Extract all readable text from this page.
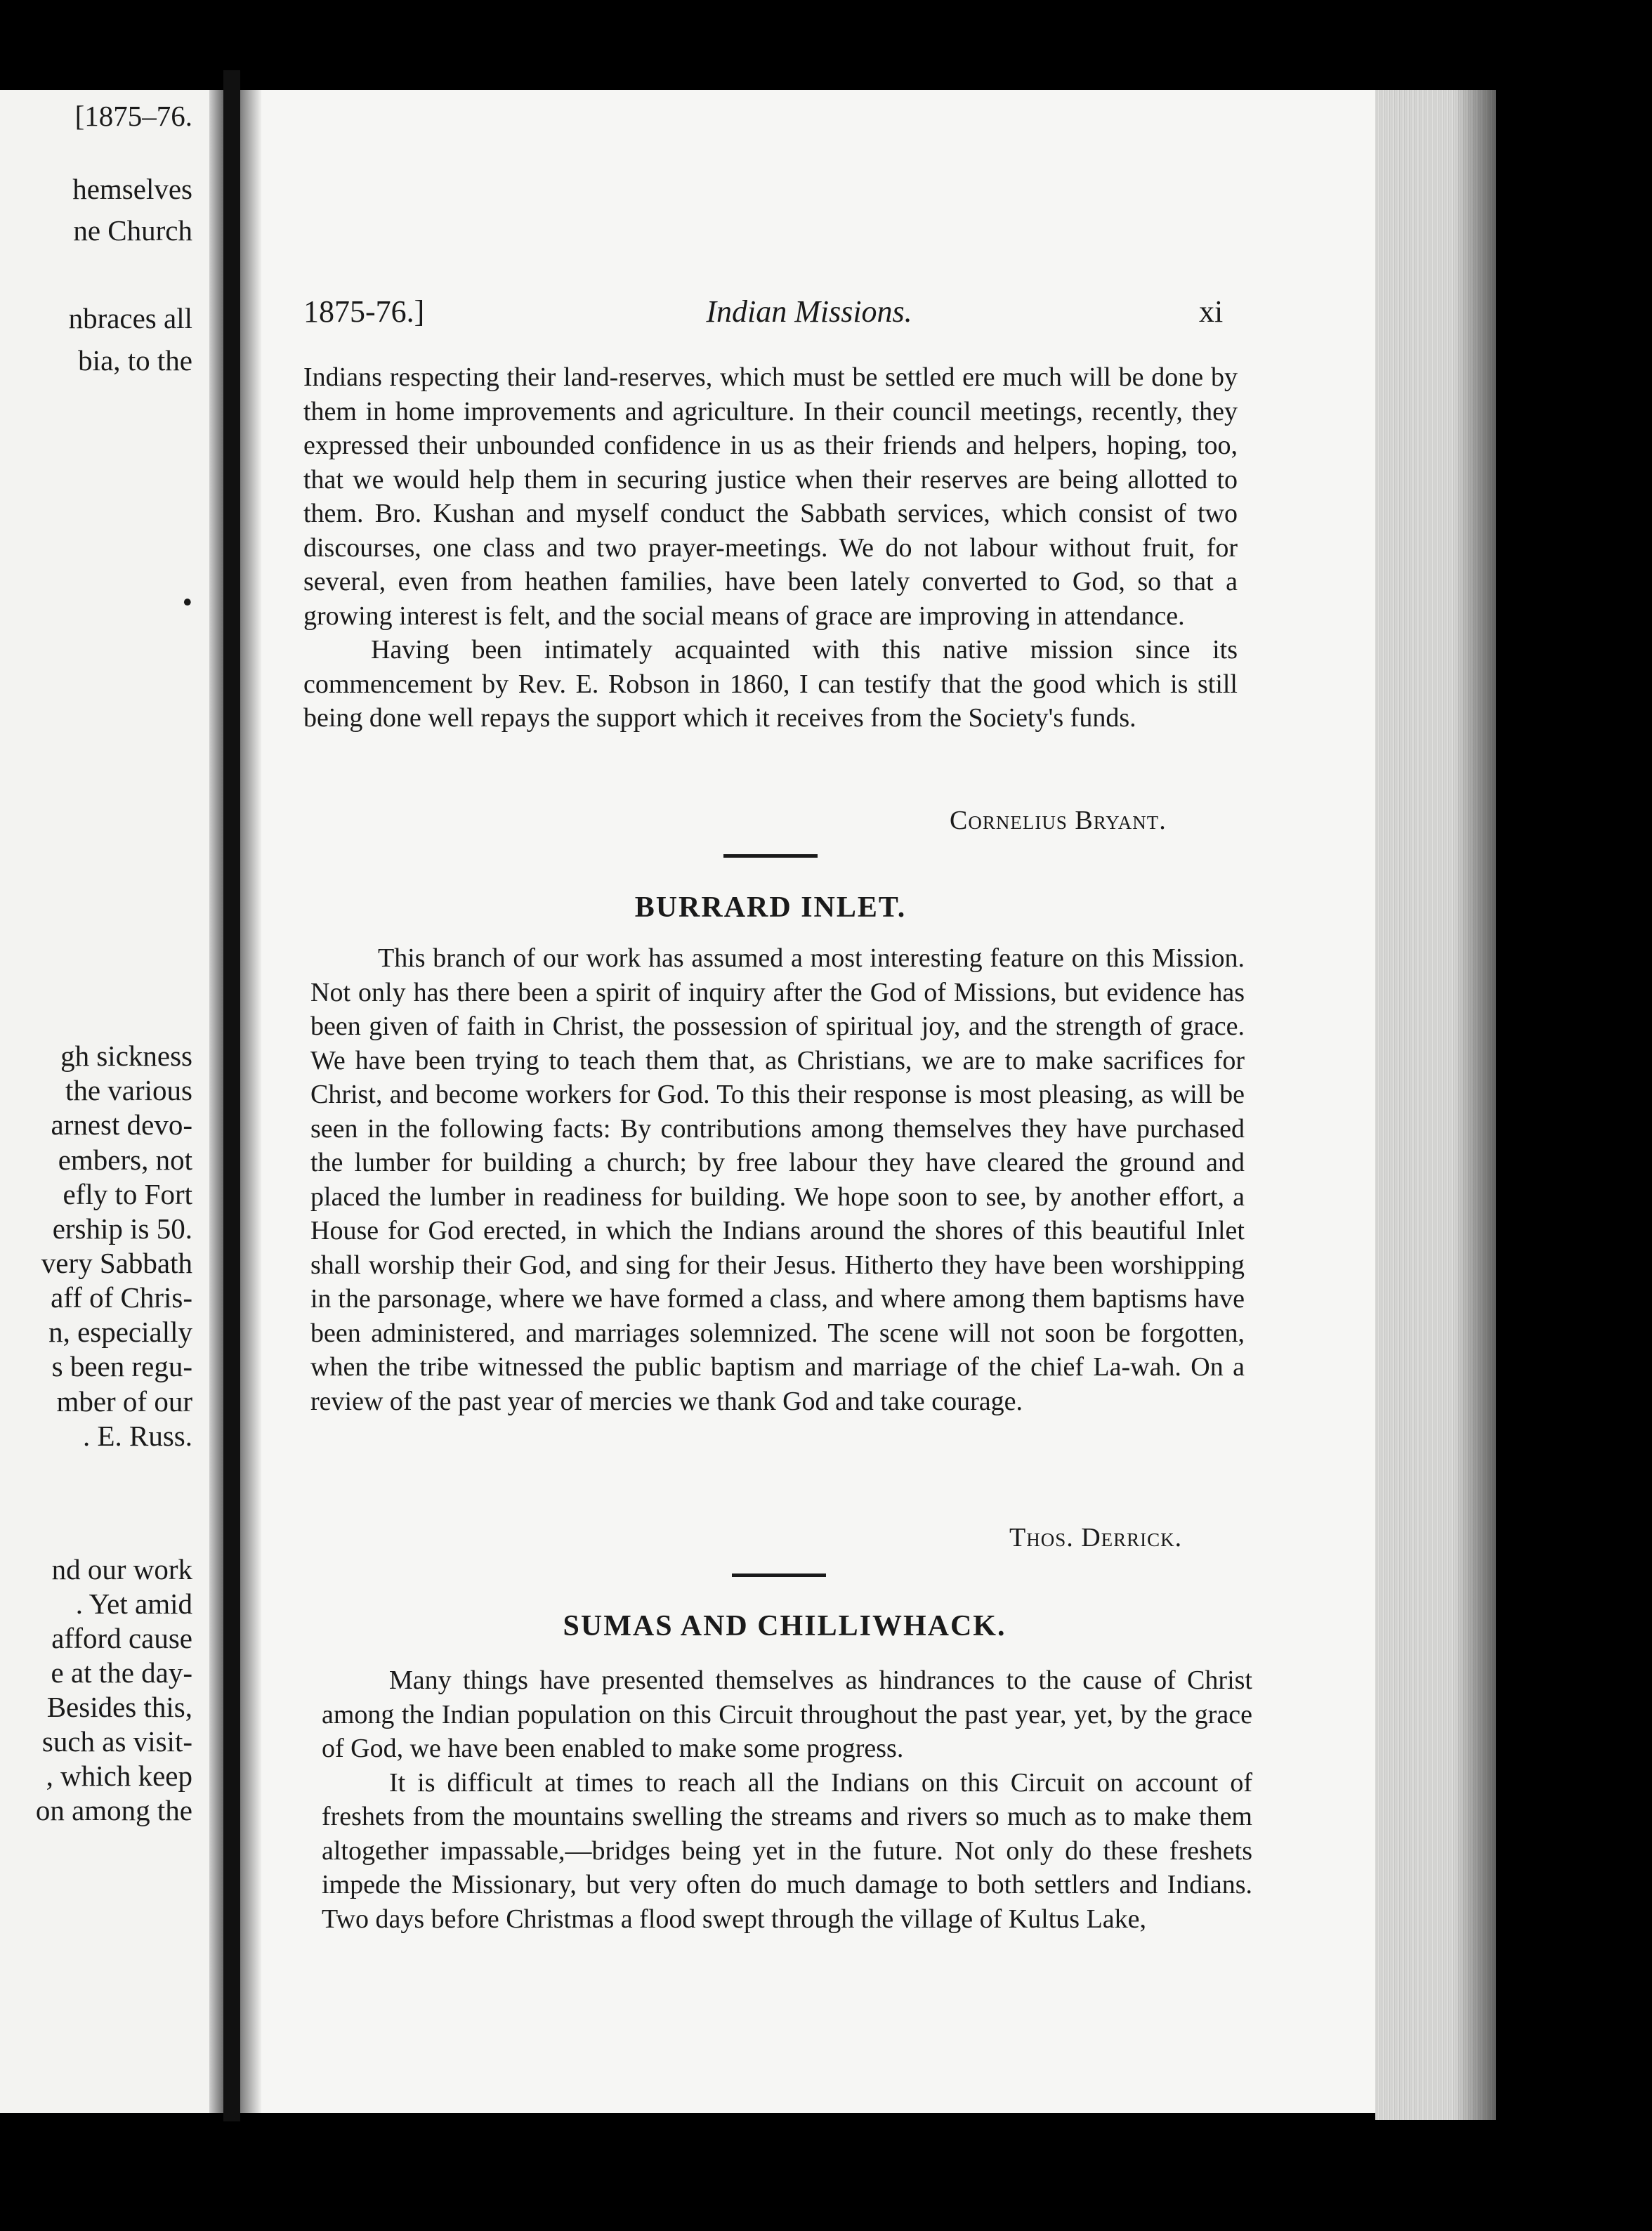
[1875–76.
hemselves
ne Church
nbraces all
bia, to the
•
gh sickness
the various
arnest devo-
embers, not
efly to Fort
ership is 50.
very Sabbath
aff of Chris-
n, especially
s been regu-
mber of our
. E. Russ.
nd our work
. Yet amid
afford cause
e at the day-
Besides this,
such as visit-
, which keep
on among the
1875-76.]	Indian Missions.	xi

Indians respecting their land-reserves, which must be settled ere much will be done by them in home improvements and agriculture. In their council meetings, recently, they expressed their unbounded confidence in us as their friends and helpers, hoping, too, that we would help them in securing justice when their reserves are being allotted to them. Bro. Kushan and myself conduct the Sabbath services, which consist of two discourses, one class and two prayer-meetings. We do not labour without fruit, for several, even from heathen families, have been lately converted to God, so that a growing interest is felt, and the social means of grace are improving in attendance.

Having been intimately acquainted with this native mission since its commencement by Rev. E. Robson in 1860, I can testify that the good which is still being done well repays the support which it receives from the Society's funds.

Cornelius Bryant.
BURRARD INLET.

This branch of our work has assumed a most interesting feature on this Mission. Not only has there been a spirit of inquiry after the God of Missions, but evidence has been given of faith in Christ, the possession of spiritual joy, and the strength of grace. We have been trying to teach them that, as Christians, we are to make sacrifices for Christ, and become workers for God. To this their response is most pleasing, as will be seen in the following facts: By contributions among themselves they have purchased the lumber for building a church; by free labour they have cleared the ground and placed the lumber in readiness for building. We hope soon to see, by another effort, a House for God erected, in which the Indians around the shores of this beautiful Inlet shall worship their God, and sing for their Jesus. Hitherto they have been worshipping in the parsonage, where we have formed a class, and where among them baptisms have been administered, and marriages solemnized. The scene will not soon be forgotten, when the tribe witnessed the public baptism and marriage of the chief La-wah. On a review of the past year of mercies we thank God and take courage.

Thos. Derrick.
SUMAS AND CHILLIWHACK.

Many things have presented themselves as hindrances to the cause of Christ among the Indian population on this Circuit throughout the past year, yet, by the grace of God, we have been enabled to make some progress.

It is difficult at times to reach all the Indians on this Circuit on account of freshets from the mountains swelling the streams and rivers so much as to make them altogether impassable,—bridges being yet in the future. Not only do these freshets impede the Missionary, but very often do much damage to both settlers and Indians. Two days before Christmas a flood swept through the village of Kultus Lake,
